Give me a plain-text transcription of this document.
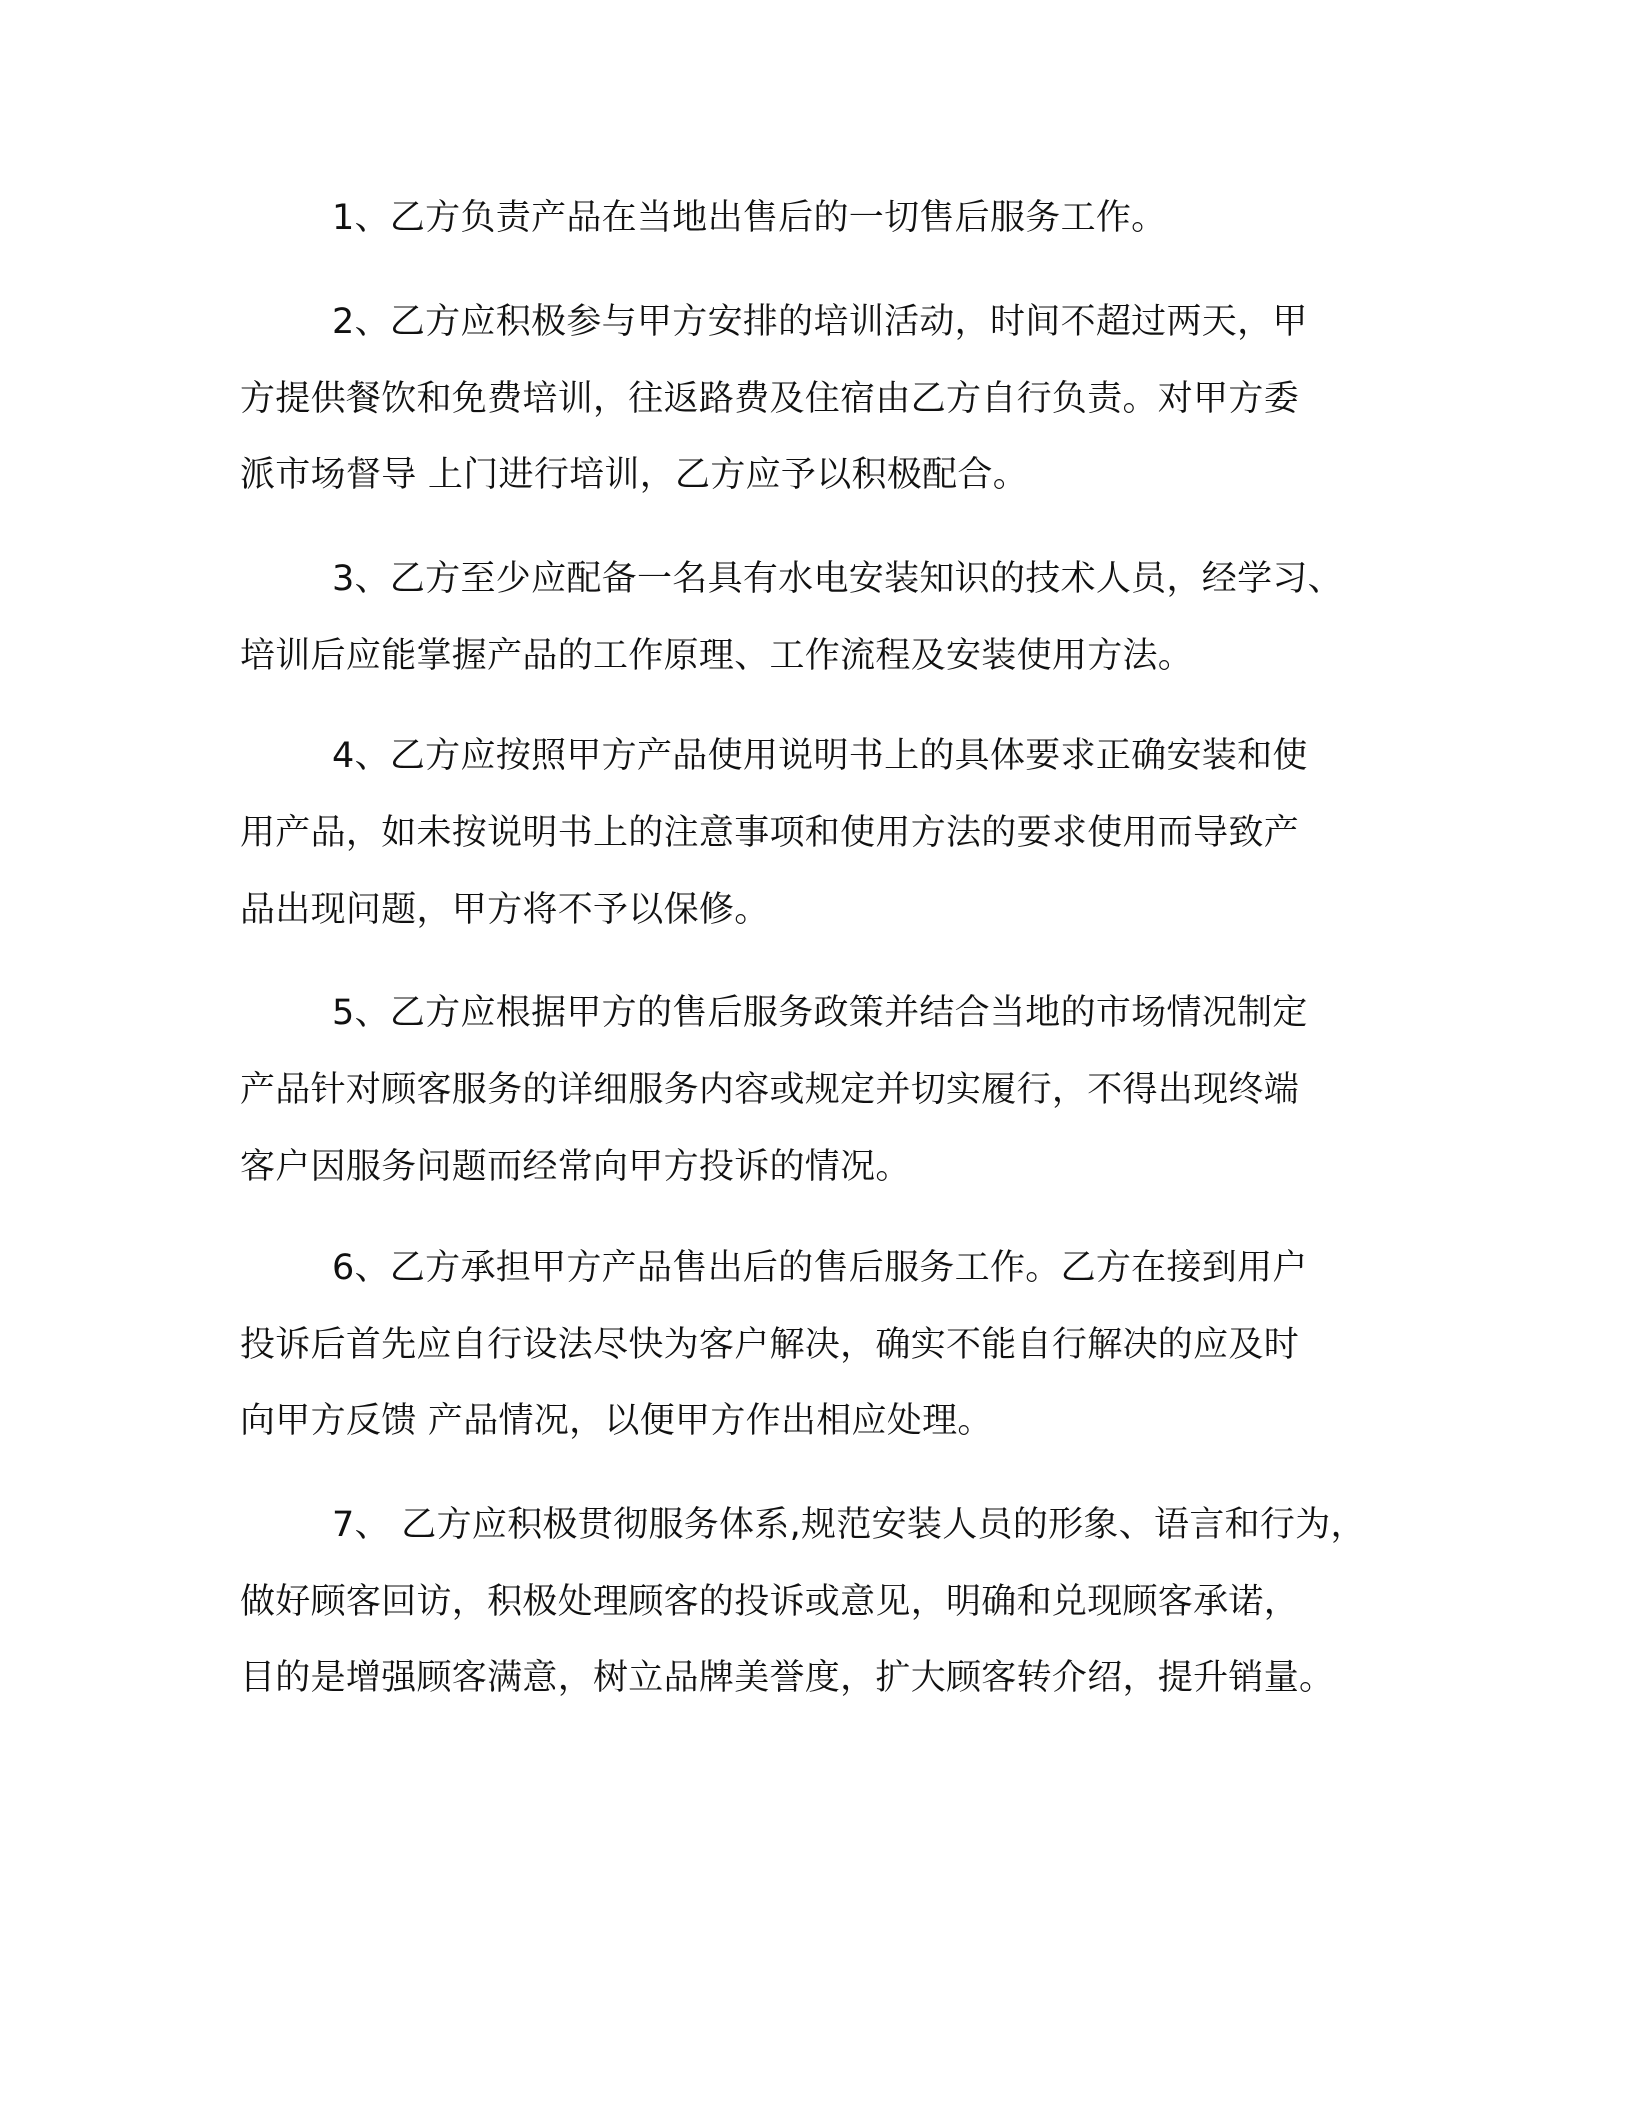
1、乙方负责产品在当地出售后的一切售后服务工作。
2、乙方应积极参与甲方安排的培训活动，时间不超过两天，甲
方提供餐饮和免费培训，往返路费及住宿由乙方自行负责。对甲方委
派市场督导 上门进行培训，乙方应予以积极配合。
3、乙方至少应配备一名具有水电安装知识的技术人员，经学习、
培训后应能掌握产品的工作原理、工作流程及安装使用方法。
4、乙方应按照甲方产品使用说明书上的具体要求正确安装和使
用产品，如未按说明书上的注意事项和使用方法的要求使用而导致产
品出现问题，甲方将不予以保修。
5、乙方应根据甲方的售后服务政策并结合当地的市场情况制定
产品针对顾客服务的详细服务内容或规定并切实履行，不得出现终端
客户因服务问题而经常向甲方投诉的情况。
6、乙方承担甲方产品售出后的售后服务工作。乙方在接到用户
投诉后首先应自行设法尽快为客户解决，确实不能自行解决的应及时
向甲方反馈 产品情况，以便甲方作出相应处理。
7、 乙方应积极贯彻服务体系,规范安装人员的形象、语言和行为，
做好顾客回访，积极处理顾客的投诉或意见，明确和兑现顾客承诺，
目的是增强顾客满意，树立品牌美誉度，扩大顾客转介绍，提升销量。
